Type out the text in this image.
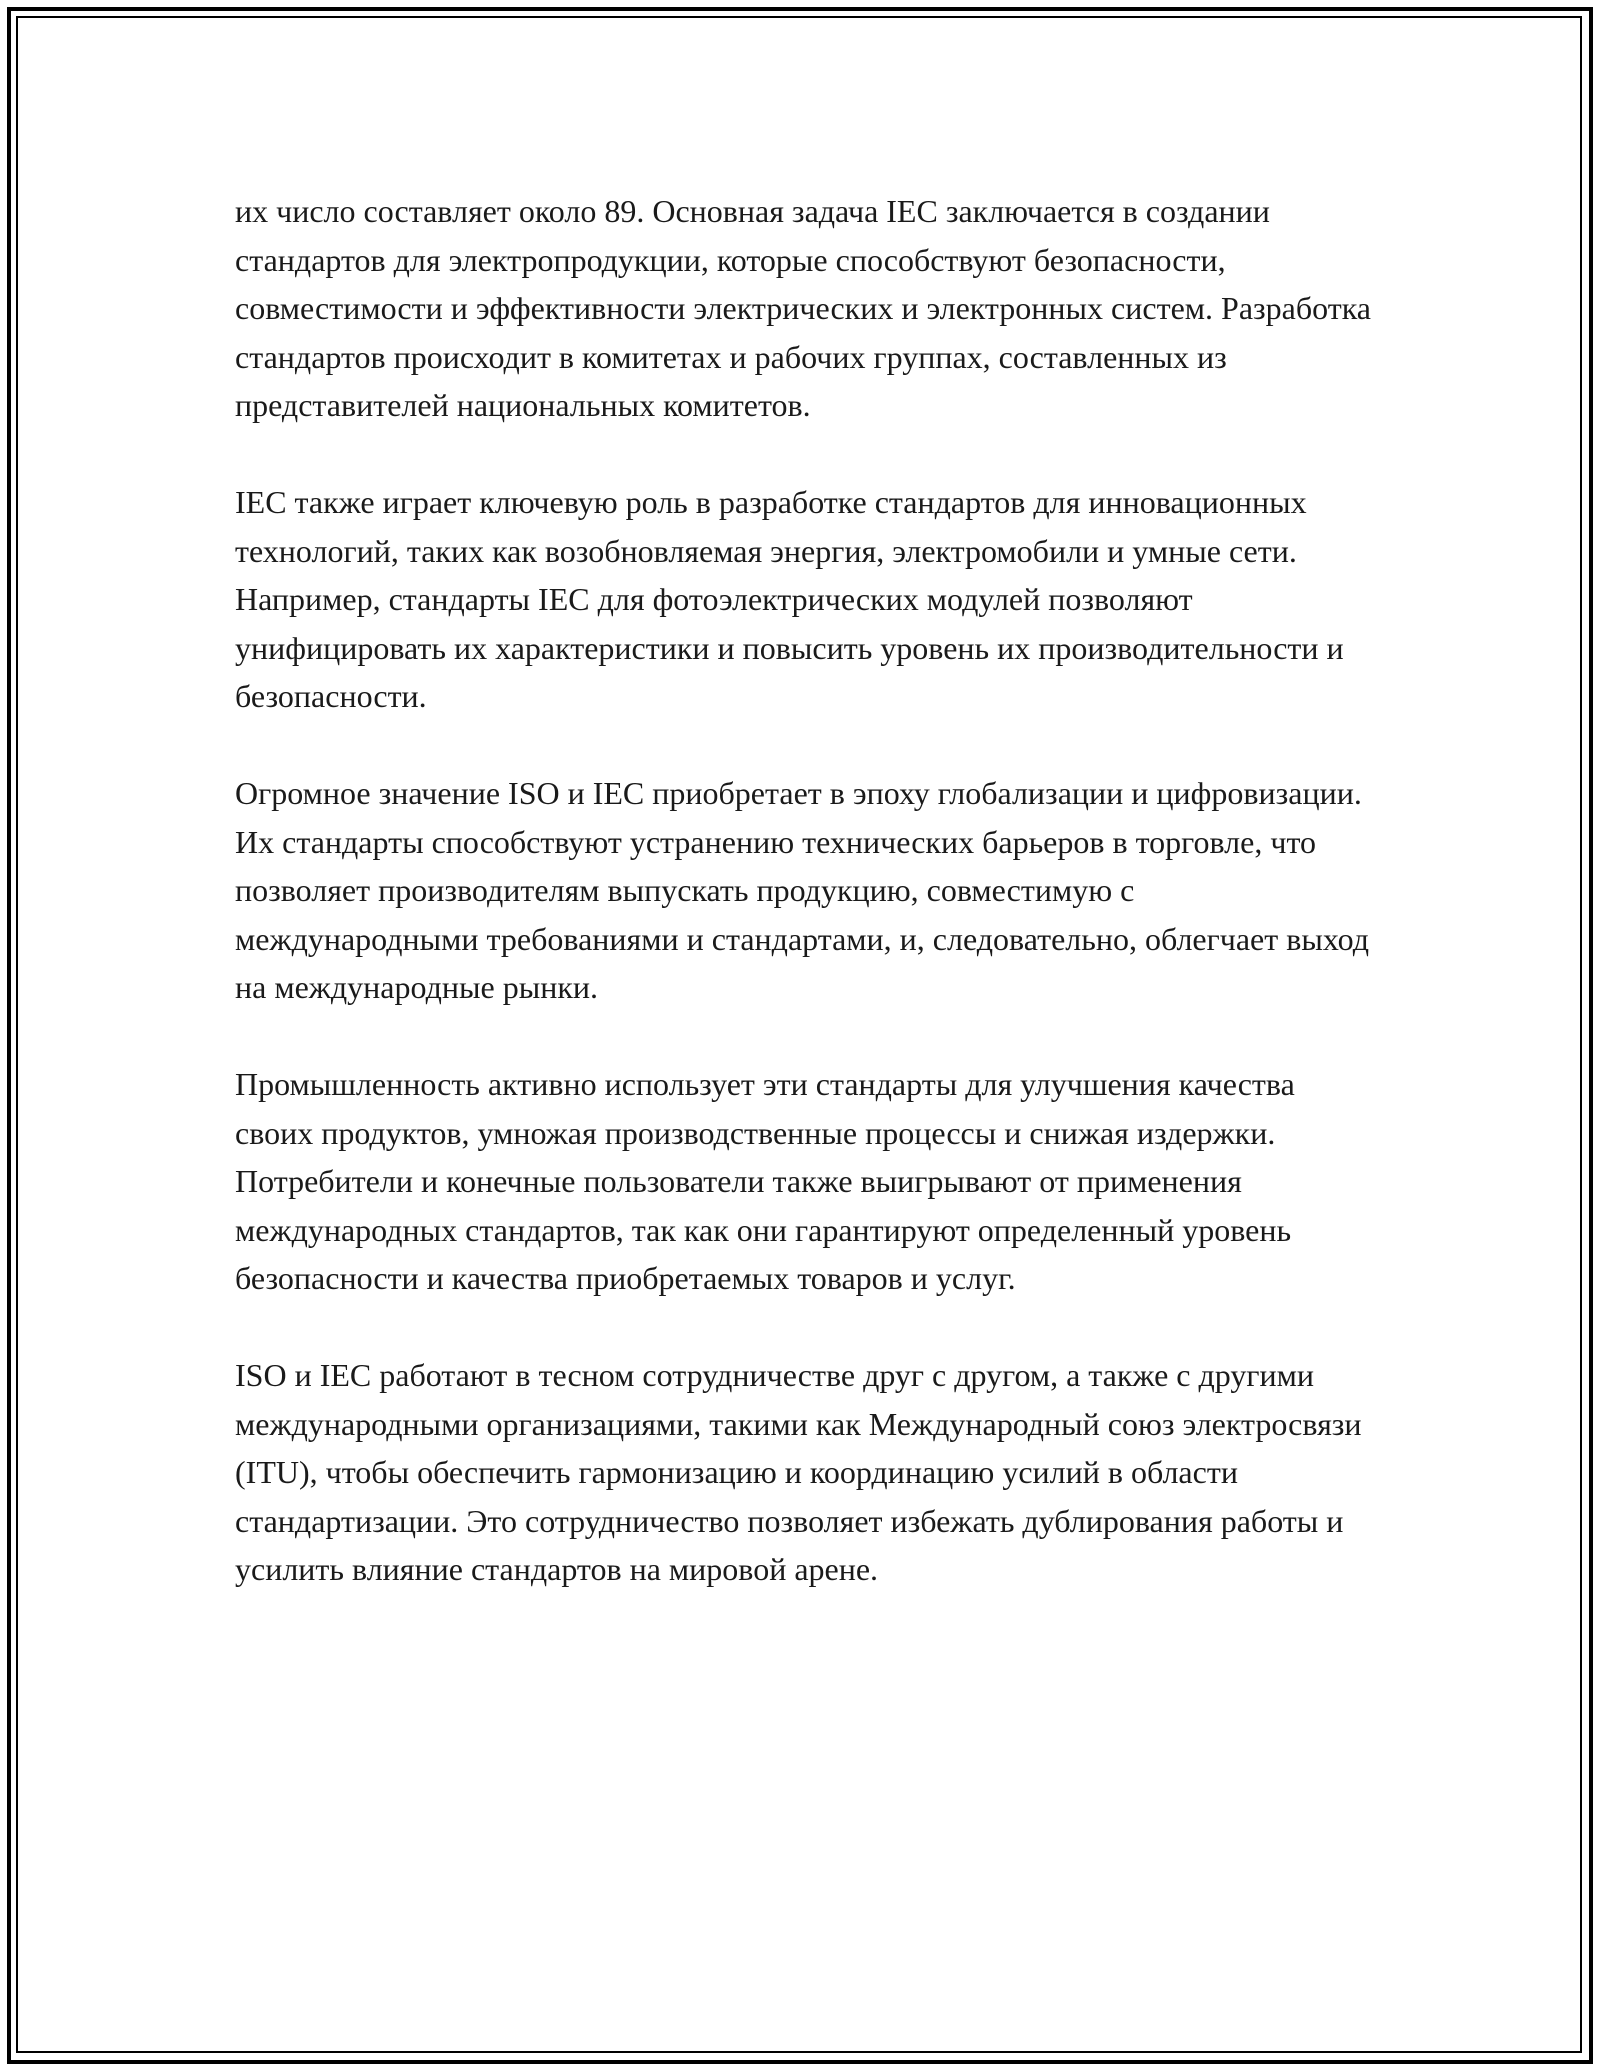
их число составляет около 89. Основная задача IEC заключается в создании стандартов для электропродукции, которые способствуют безопасности, совместимости и эффективности электрических и электронных систем. Разработка стандартов происходит в комитетах и рабочих группах, составленных из представителей национальных комитетов.

IEC также играет ключевую роль в разработке стандартов для инновационных технологий, таких как возобновляемая энергия, электромобили и умные сети. Например, стандарты IEC для фотоэлектрических модулей позволяют унифицировать их характеристики и повысить уровень их производительности и безопасности.

Огромное значение ISO и IEC приобретает в эпоху глобализации и цифровизации. Их стандарты способствуют устранению технических барьеров в торговле, что позволяет производителям выпускать продукцию, совместимую с международными требованиями и стандартами, и, следовательно, облегчает выход на международные рынки.

Промышленность активно использует эти стандарты для улучшения качества своих продуктов, умножая производственные процессы и снижая издержки. Потребители и конечные пользователи также выигрывают от применения международных стандартов, так как они гарантируют определенный уровень безопасности и качества приобретаемых товаров и услуг.

ISO и IEC работают в тесном сотрудничестве друг с другом, а также с другими международными организациями, такими как Международный союз электросвязи (ITU), чтобы обеспечить гармонизацию и координацию усилий в области стандартизации. Это сотрудничество позволяет избежать дублирования работы и усилить влияние стандартов на мировой арене.
